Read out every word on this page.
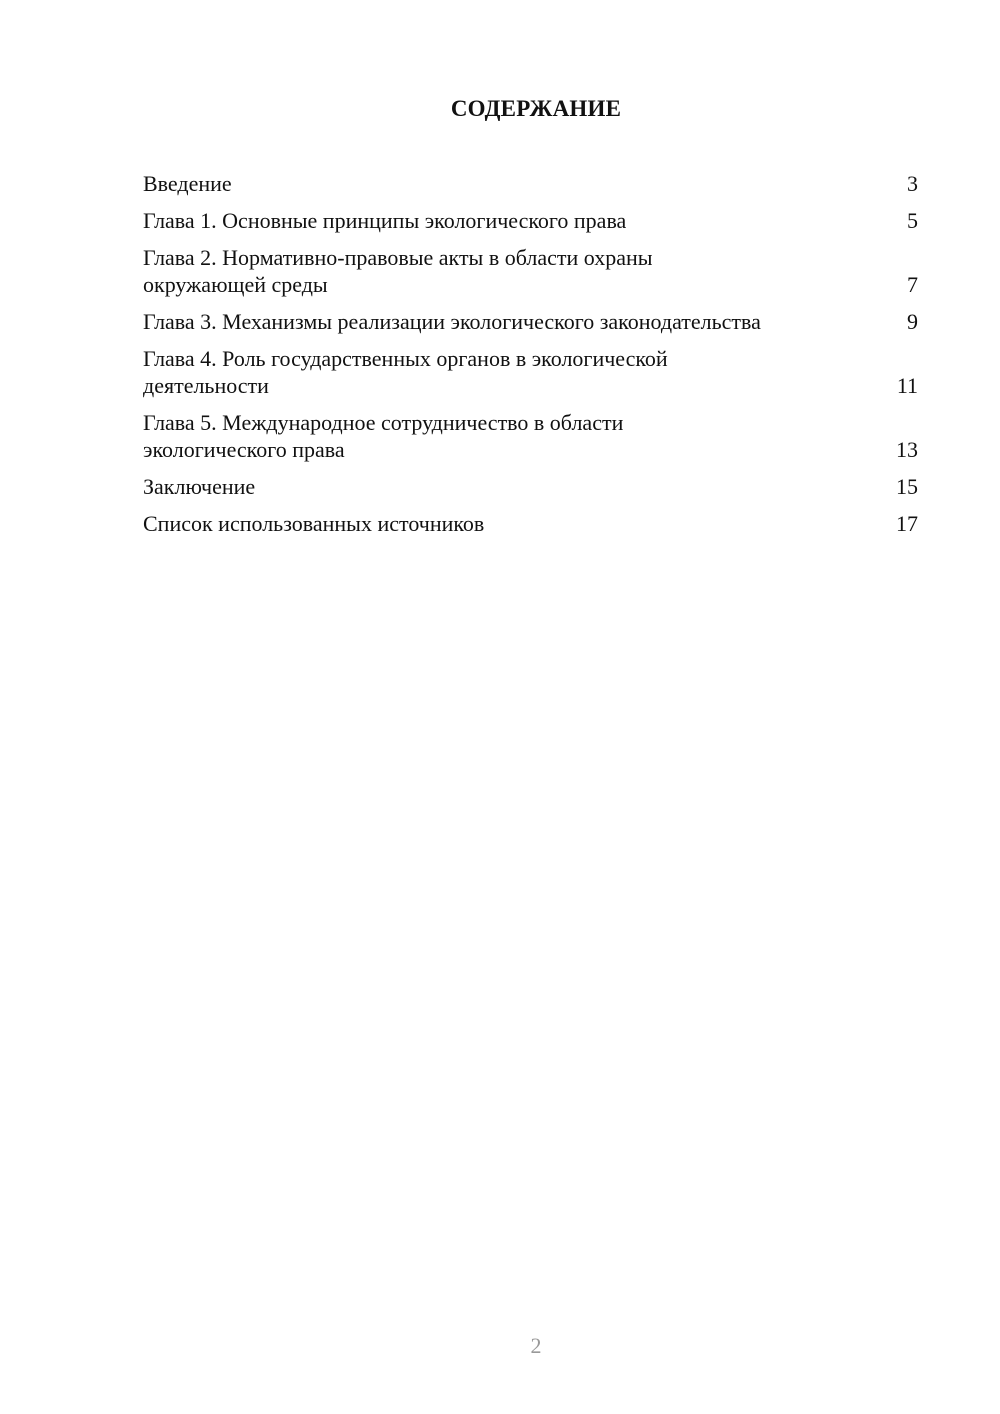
СОДЕРЖАНИЕ
Введение	3
Глава 1. Основные принципы экологического права	5
Глава 2. Нормативно-правовые акты в области охраны окружающей среды	7
Глава 3. Механизмы реализации экологического законодательства	9
Глава 4. Роль государственных органов в экологической деятельности	11
Глава 5. Международное сотрудничество в области экологического права	13
Заключение	15
Список использованных источников	17
2
